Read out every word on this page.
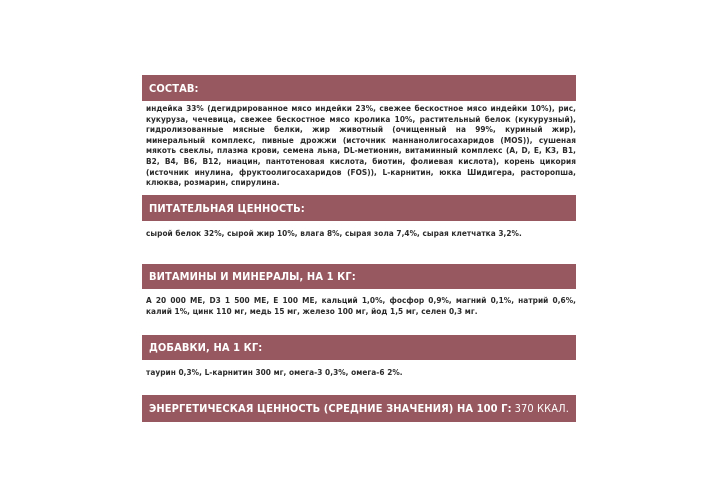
СОСТАВ:
индейка 33% (дегидрированное мясо индейки 23%, свежее бескостное мясо индейки 10%), рис, кукуруза, чечевица, свежее бескостное мясо кролика 10%, растительный белок (кукурузный), гидролизованные мясные белки, жир животный (очищенный на 99%, куриный жир), минеральный комплекс, пивные дрожжи (источник маннанолигосахаридов (MOS)), сушеная мякоть свеклы, плазма крови, семена льна, DL-метионин, витаминный комплекс (A, D, E, K3, B1, B2, B4, B6, B12, ниацин, пантотеновая кислота, биотин, фолиевая кислота), корень цикория (источник инулина, фруктоолигосахаридов (FOS)), L-карнитин, юкка Шидигера, расторопша, клюква, розмарин, спирулина.
ПИТАТЕЛЬНАЯ ЦЕННОСТЬ:
сырой белок 32%, сырой жир 10%, влага 8%, сырая зола 7,4%, сырая клетчатка 3,2%.
ВИТАМИНЫ И МИНЕРАЛЫ, НА 1 КГ:
A 20 000 МЕ, D3 1 500 МЕ, E 100 МЕ, кальций 1,0%, фосфор 0,9%, магний 0,1%, натрий 0,6%, калий 1%, цинк 110 мг, медь 15 мг, железо 100 мг, йод 1,5 мг, селен 0,3 мг.
ДОБАВКИ, НА 1 КГ:
таурин 0,3%, L-карнитин 300 мг, омега-3 0,3%, омега-6 2%.
ЭНЕРГЕТИЧЕСКАЯ ЦЕННОСТЬ (СРЕДНИЕ ЗНАЧЕНИЯ) НА 100 Г: 370 ККАЛ.
